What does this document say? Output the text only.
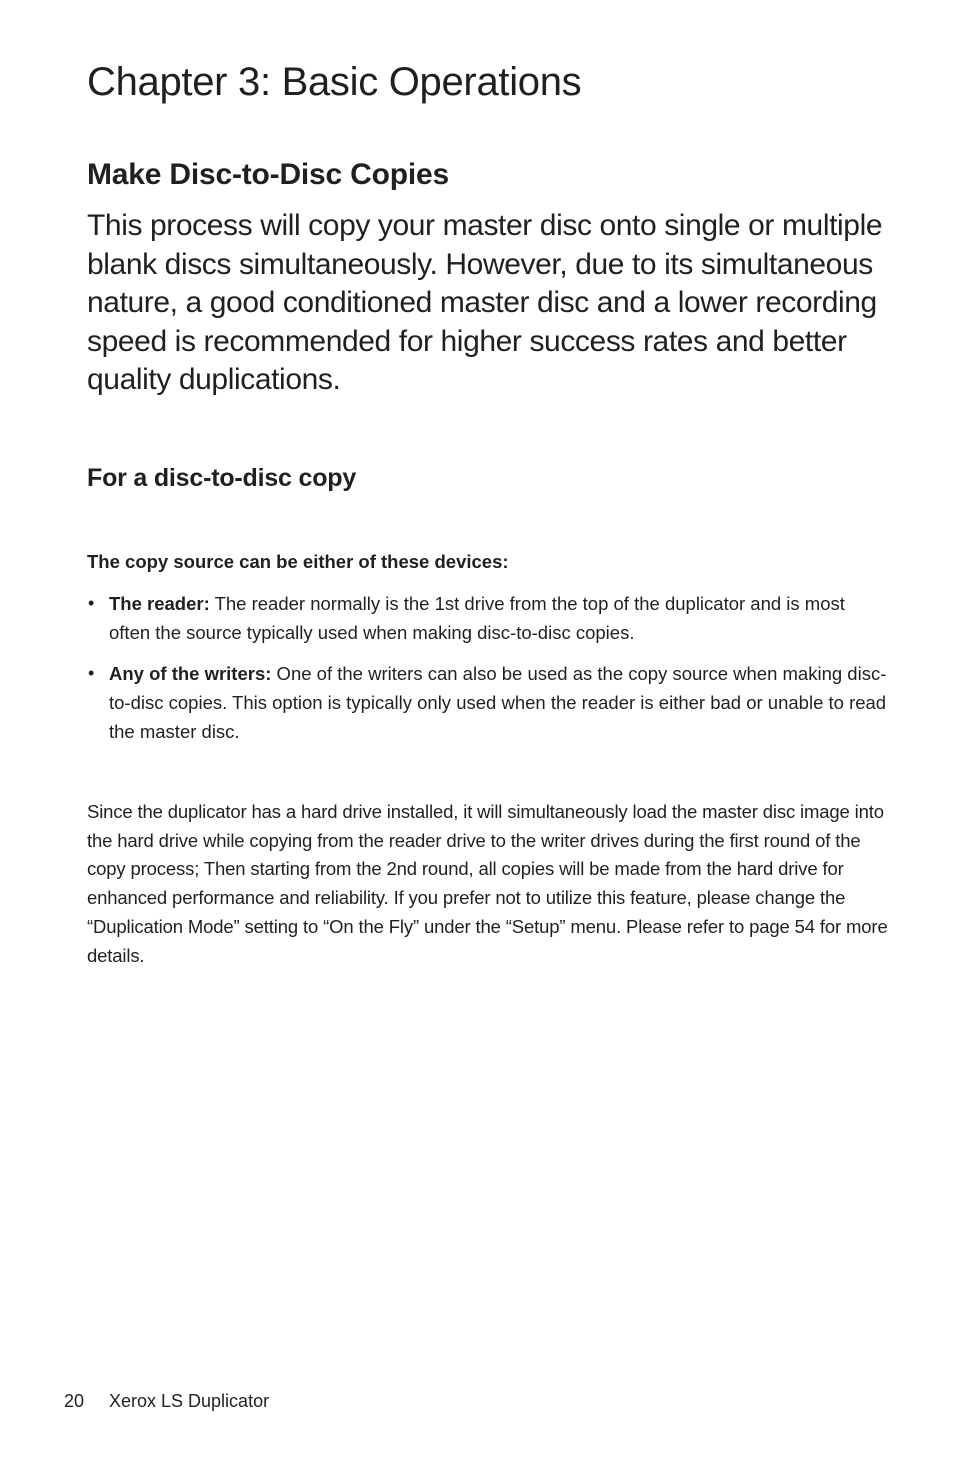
Chapter 3: Basic Operations
Make Disc-to-Disc Copies

This process will copy your master disc onto single or multiple blank discs simultaneously. However, due to its simultaneous nature, a good conditioned master disc and a lower recording speed is recommended for higher success rates and better quality duplications.

For a disc-to-disc copy

The copy source can be either of these devices:

• The reader: The reader normally is the 1st drive from the top of the duplicator and is most often the source typically used when making disc-to-disc copies.
• Any of the writers: One of the writers can also be used as the copy source when making disc-to-disc copies. This option is typically only used when the reader is either bad or unable to read the master disc.

Since the duplicator has a hard drive installed, it will simultaneously load the master disc image into the hard drive while copying from the reader drive to the writer drives during the first round of the copy process; Then starting from the 2nd round, all copies will be made from the hard drive for enhanced performance and reliability. If you prefer not to utilize this feature, please change the “Duplication Mode” setting to “On the Fly” under the “Setup” menu. Please refer to page 54 for more details.

20 Xerox LS Duplicator
